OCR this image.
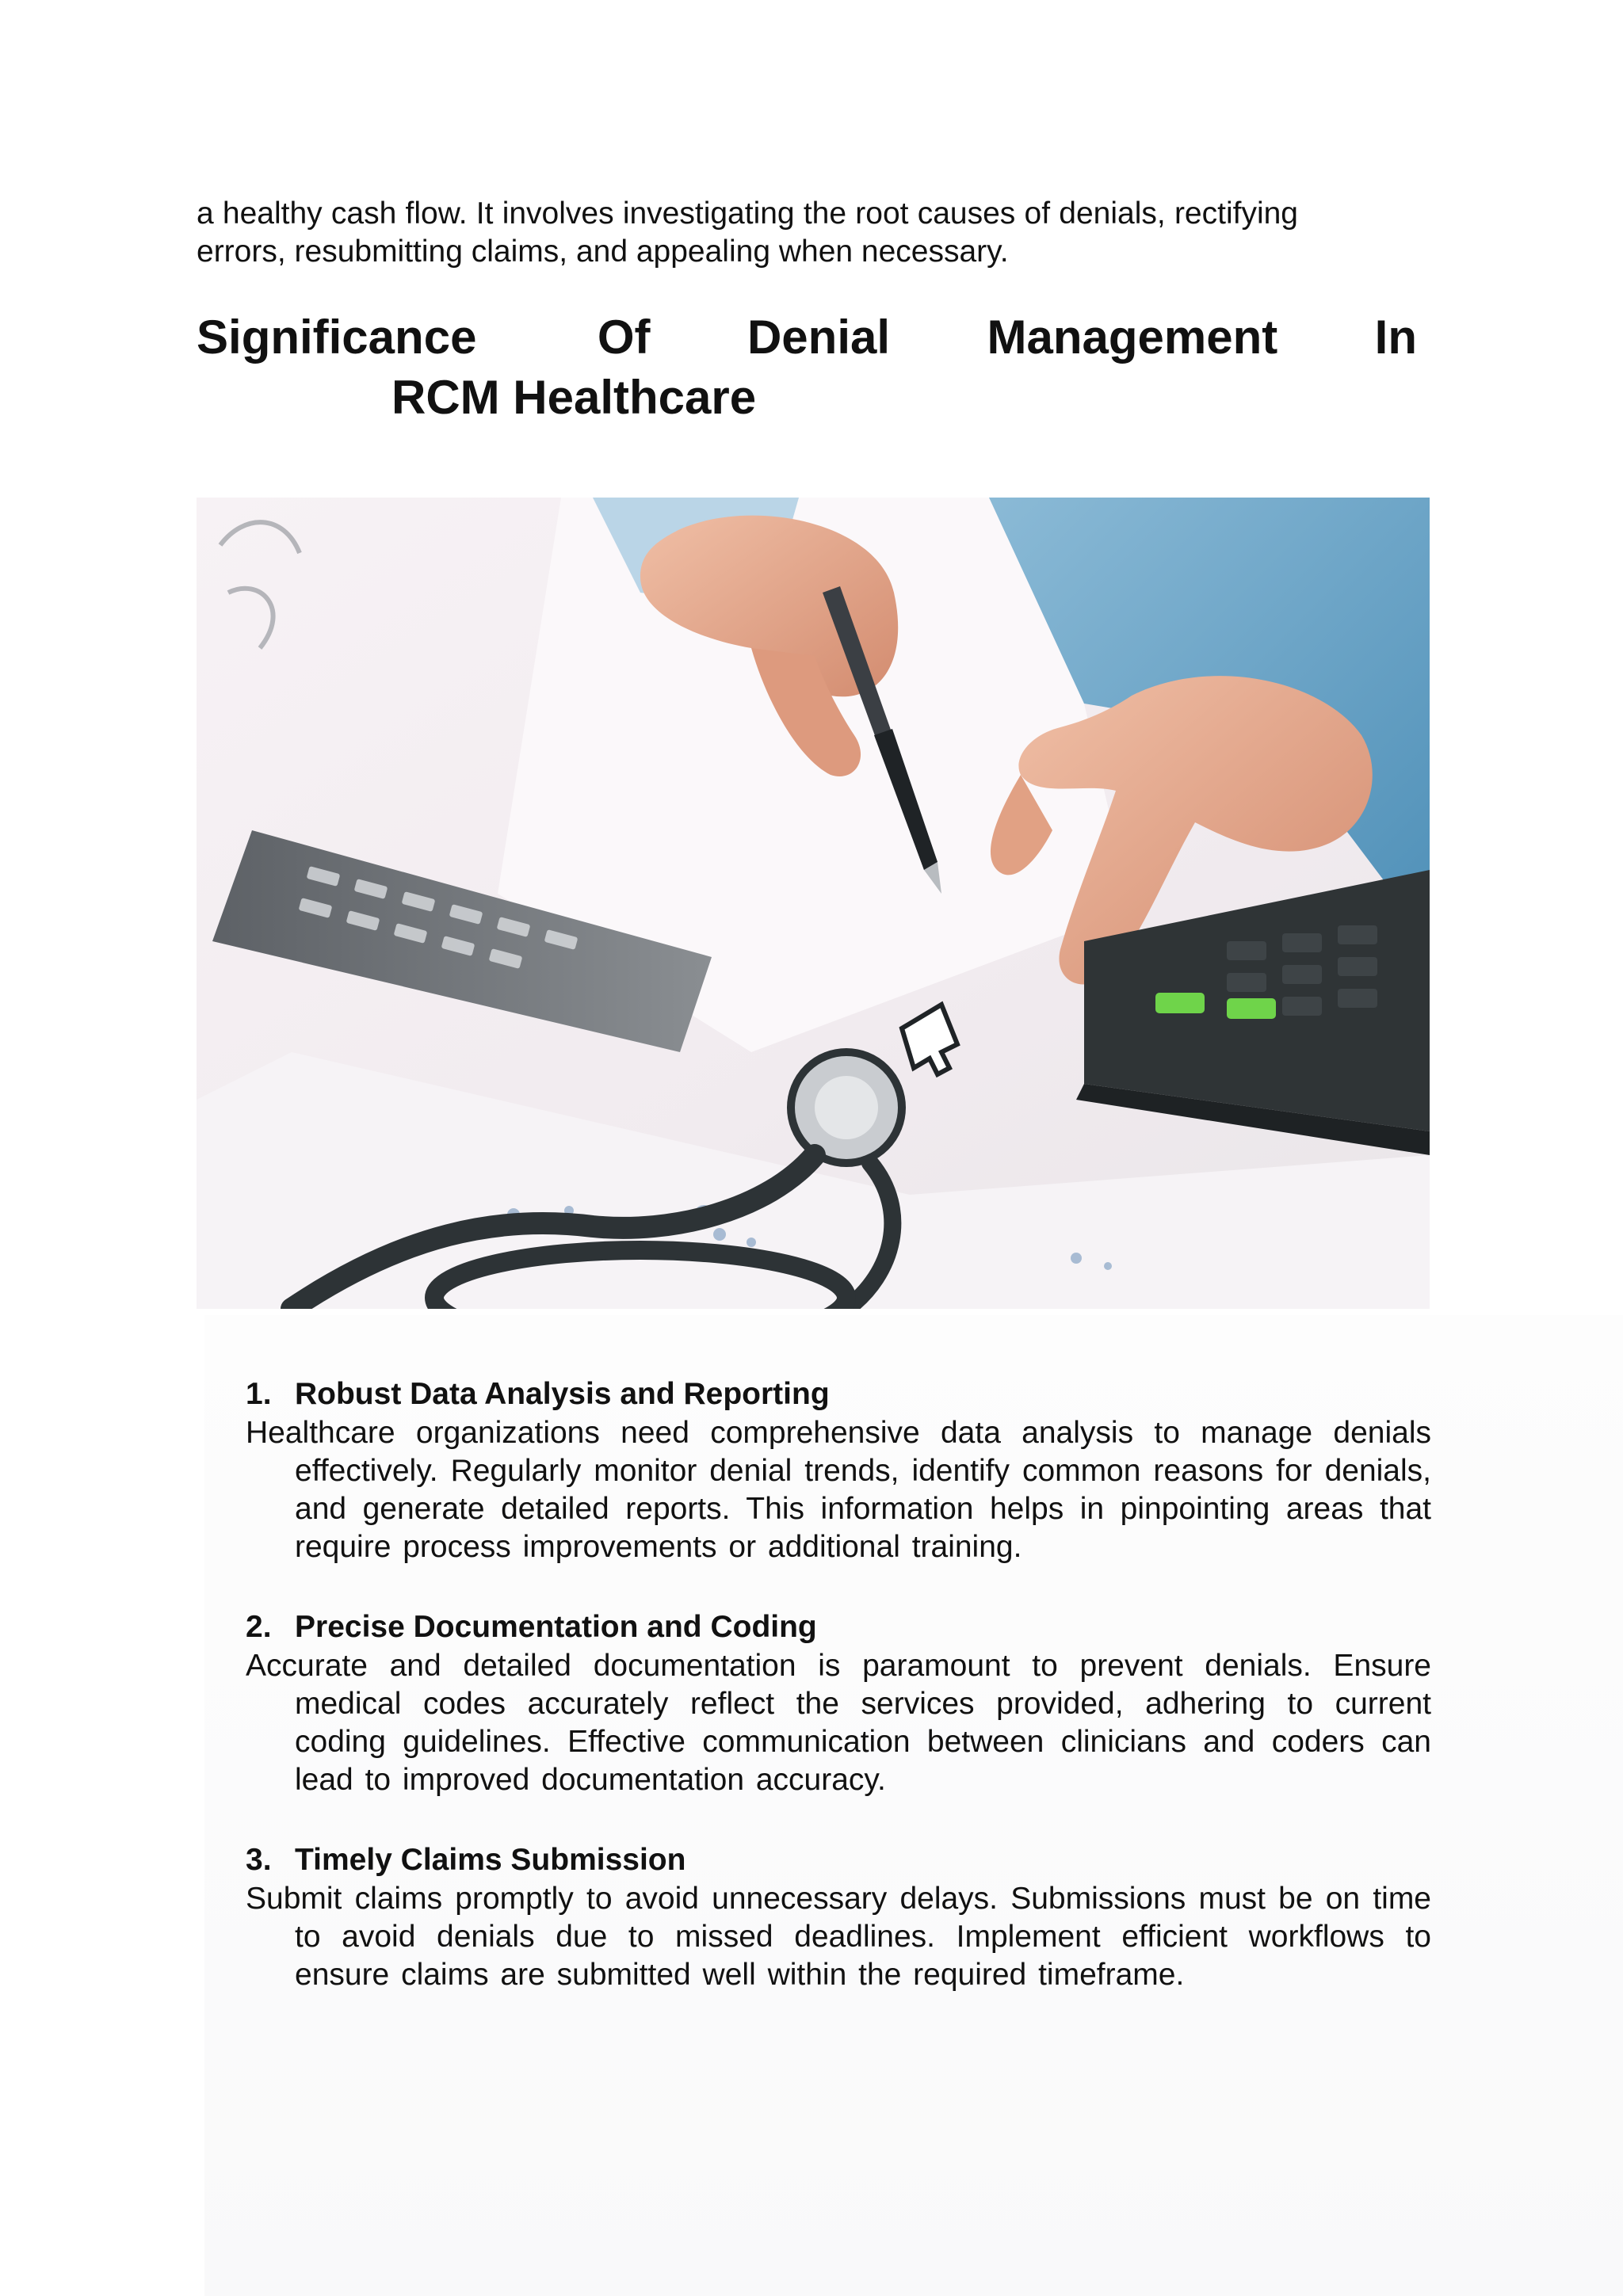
a healthy cash flow. It involves investigating the root causes of denials, rectifying errors, resubmitting claims, and appealing when necessary.

Significance	Of Denial Management In
RCM Healthcare
1. Robust Data Analysis and Reporting
Healthcare organizations need comprehensive data analysis to manage denials effectively. Regularly monitor denial trends, identify common reasons for denials, and generate detailed reports. This information helps in pinpointing areas that require process improvements or additional training.
2. Precise Documentation and Coding
Accurate and detailed documentation is paramount to prevent denials. Ensure medical codes accurately reflect the services provided, adhering to current coding guidelines. Effective communication between clinicians and coders can lead to improved documentation accuracy.
3. Timely Claims Submission
Submit claims promptly to avoid unnecessary delays. Submissions must be on time to avoid denials due to missed deadlines. Implement efficient workflows to ensure claims are submitted well within the required timeframe.
